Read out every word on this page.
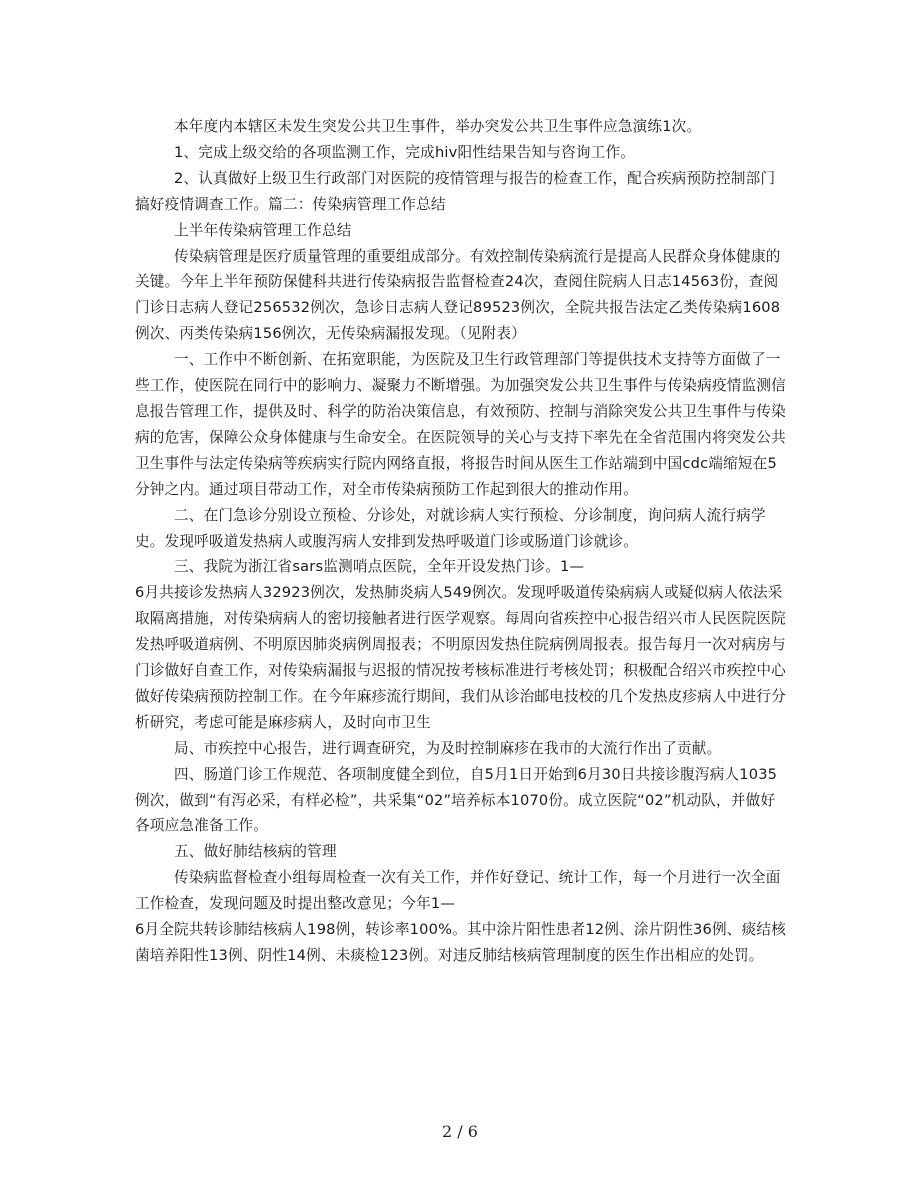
本年度内本辖区未发生突发公共卫生事件，举办突发公共卫生事件应急演练1次。

1、完成上级交给的各项监测工作，完成hiv阳性结果告知与咨询工作。

2、认真做好上级卫生行政部门对医院的疫情管理与报告的检查工作，配合疾病预防控制部门搞好疫情调查工作。篇二：传染病管理工作总结

上半年传染病管理工作总结

传染病管理是医疗质量管理的重要组成部分。有效控制传染病流行是提高人民群众身体健康的关键。今年上半年预防保健科共进行传染病报告监督检查24次，查阅住院病人日志14563份，查阅门诊日志病人登记256532例次，急诊日志病人登记89523例次，全院共报告法定乙类传染病1608例次、丙类传染病156例次，无传染病漏报发现。（见附表）

一、工作中不断创新、在拓宽职能，为医院及卫生行政管理部门等提供技术支持等方面做了一些工作，使医院在同行中的影响力、凝聚力不断增强。为加强突发公共卫生事件与传染病疫情监测信息报告管理工作，提供及时、科学的防治决策信息，有效预防、控制与消除突发公共卫生事件与传染病的危害，保障公众身体健康与生命安全。在医院领导的关心与支持下率先在全省范围内将突发公共卫生事件与法定传染病等疾病实行院内网络直报，将报告时间从医生工作站端到中国cdc端缩短在5分钟之内。通过项目带动工作，对全市传染病预防工作起到很大的推动作用。

二、在门急诊分别设立预检、分诊处，对就诊病人实行预检、分诊制度，询问病人流行病学史。发现呼吸道发热病人或腹泻病人安排到发热呼吸道门诊或肠道门诊就诊。

三、我院为浙江省sars监测哨点医院，全年开设发热门诊。1—
6月共接诊发热病人32923例次，发热肺炎病人549例次。发现呼吸道传染病病人或疑似病人依法采取隔离措施，对传染病病人的密切接触者进行医学观察。每周向省疾控中心报告绍兴市人民医院医院发热呼吸道病例、不明原因肺炎病例周报表；不明原因发热住院病例周报表。报告每月一次对病房与门诊做好自查工作，对传染病漏报与迟报的情况按考核标准进行考核处罚；积极配合绍兴市疾控中心做好传染病预防控制工作。在今年麻疹流行期间，我们从诊治邮电技校的几个发热皮疹病人中进行分析研究，考虑可能是麻疹病人，及时向市卫生

局、市疾控中心报告，进行调查研究，为及时控制麻疹在我市的大流行作出了贡献。

四、肠道门诊工作规范、各项制度健全到位，自5月1日开始到6月30日共接诊腹泻病人1035例次，做到“有泻必采，有样必检”，共采集“02”培养标本1070份。成立医院“02”机动队，并做好各项应急准备工作。

五、做好肺结核病的管理

传染病监督检查小组每周检查一次有关工作，并作好登记、统计工作，每一个月进行一次全面工作检查，发现问题及时提出整改意见；今年1—
6月全院共转诊肺结核病人198例，转诊率100%。其中涂片阳性患者12例、涂片阴性36例、痰结核菌培养阳性13例、阴性14例、未痰检123例。对违反肺结核病管理制度的医生作出相应的处罚。

2 / 6
